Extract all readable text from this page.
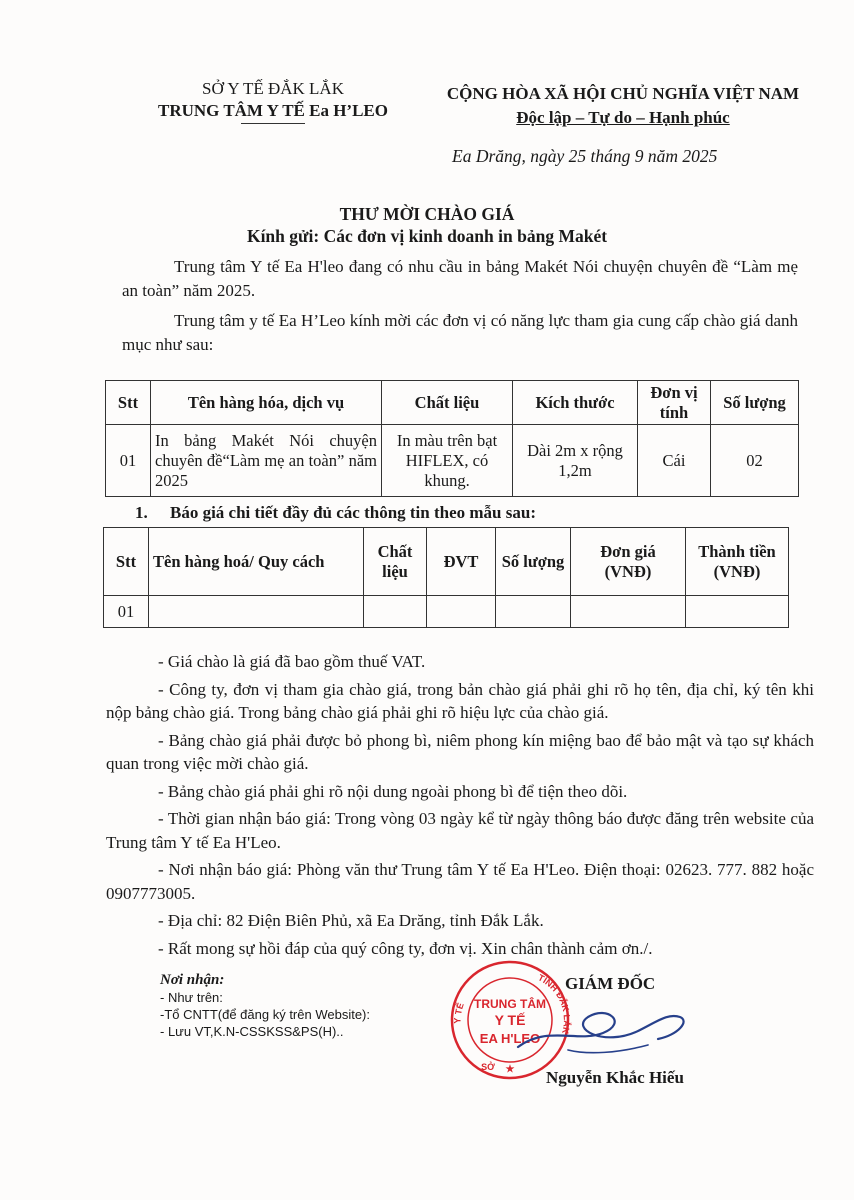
SỞ Y TẾ ĐẮK LẮK
TRUNG TÂM Y TẾ Ea H’LEO
CỘNG HÒA XÃ HỘI CHỦ NGHĨA VIỆT NAM
Độc lập – Tự do – Hạnh phúc
Ea Drăng, ngày 25 tháng 9 năm 2025
THƯ MỜI CHÀO GIÁ
Kính gửi: Các đơn vị kinh doanh in bảng Makét
Trung tâm Y tế Ea H'leo đang có nhu cầu in bảng Makét Nói chuyện chuyên đề “Làm mẹ an toàn” năm 2025.
Trung tâm y tế Ea H’Leo kính mời các đơn vị có năng lực tham gia cung cấp chào giá danh mục như sau:
Stt	Tên hàng hóa, dịch vụ	Chất liệu	Kích thước	Đơn vị tính	Số lượng
01	In bảng Makét Nói chuyện chuyên đề“Làm mẹ an toàn” năm 2025	In màu trên bạt HIFLEX, có khung.	Dài 2m x rộng 1,2m	Cái	02
1. Báo giá chi tiết đầy đủ các thông tin theo mẫu sau:
Stt	Tên hàng hoá/ Quy cách	Chất liệu	ĐVT	Số lượng	Đơn giá (VNĐ)	Thành tiền (VNĐ)
01						

- Giá chào là giá đã bao gồm thuế VAT.

- Công ty, đơn vị tham gia chào giá, trong bản chào giá phải ghi rõ họ tên, địa chỉ, ký tên khi nộp bảng chào giá. Trong bảng chào giá phải ghi rõ hiệu lực của chào giá.

- Bảng chào giá phải được bỏ phong bì, niêm phong kín miệng bao để bảo mật và tạo sự khách quan trong việc mời chào giá.

- Bảng chào giá phải ghi rõ nội dung ngoài phong bì để tiện theo dõi.

- Thời gian nhận báo giá: Trong vòng 03 ngày kể từ ngày thông báo được đăng trên website của Trung tâm Y tế Ea H'Leo.

- Nơi nhận báo giá: Phòng văn thư Trung tâm Y tế Ea H'Leo. Điện thoại: 02623. 777. 882 hoặc 0907773005.

- Địa chỉ: 82 Điện Biên Phủ, xã Ea Drăng, tỉnh Đắk Lắk.

- Rất mong sự hồi đáp của quý công ty, đơn vị. Xin chân thành cảm ơn./.

Nơi nhận:
- Như trên:
-Tổ CNTT(để đăng ký trên Website):
- Lưu VT,K.N-CSSKSS&PS(H)..
Y TẾ
TỈNH ĐẮK LẮK
SỞ
TRUNG TÂM
Y TẾ
EA H'LEO
★
GIÁM ĐỐC
Nguyễn Khắc Hiếu
